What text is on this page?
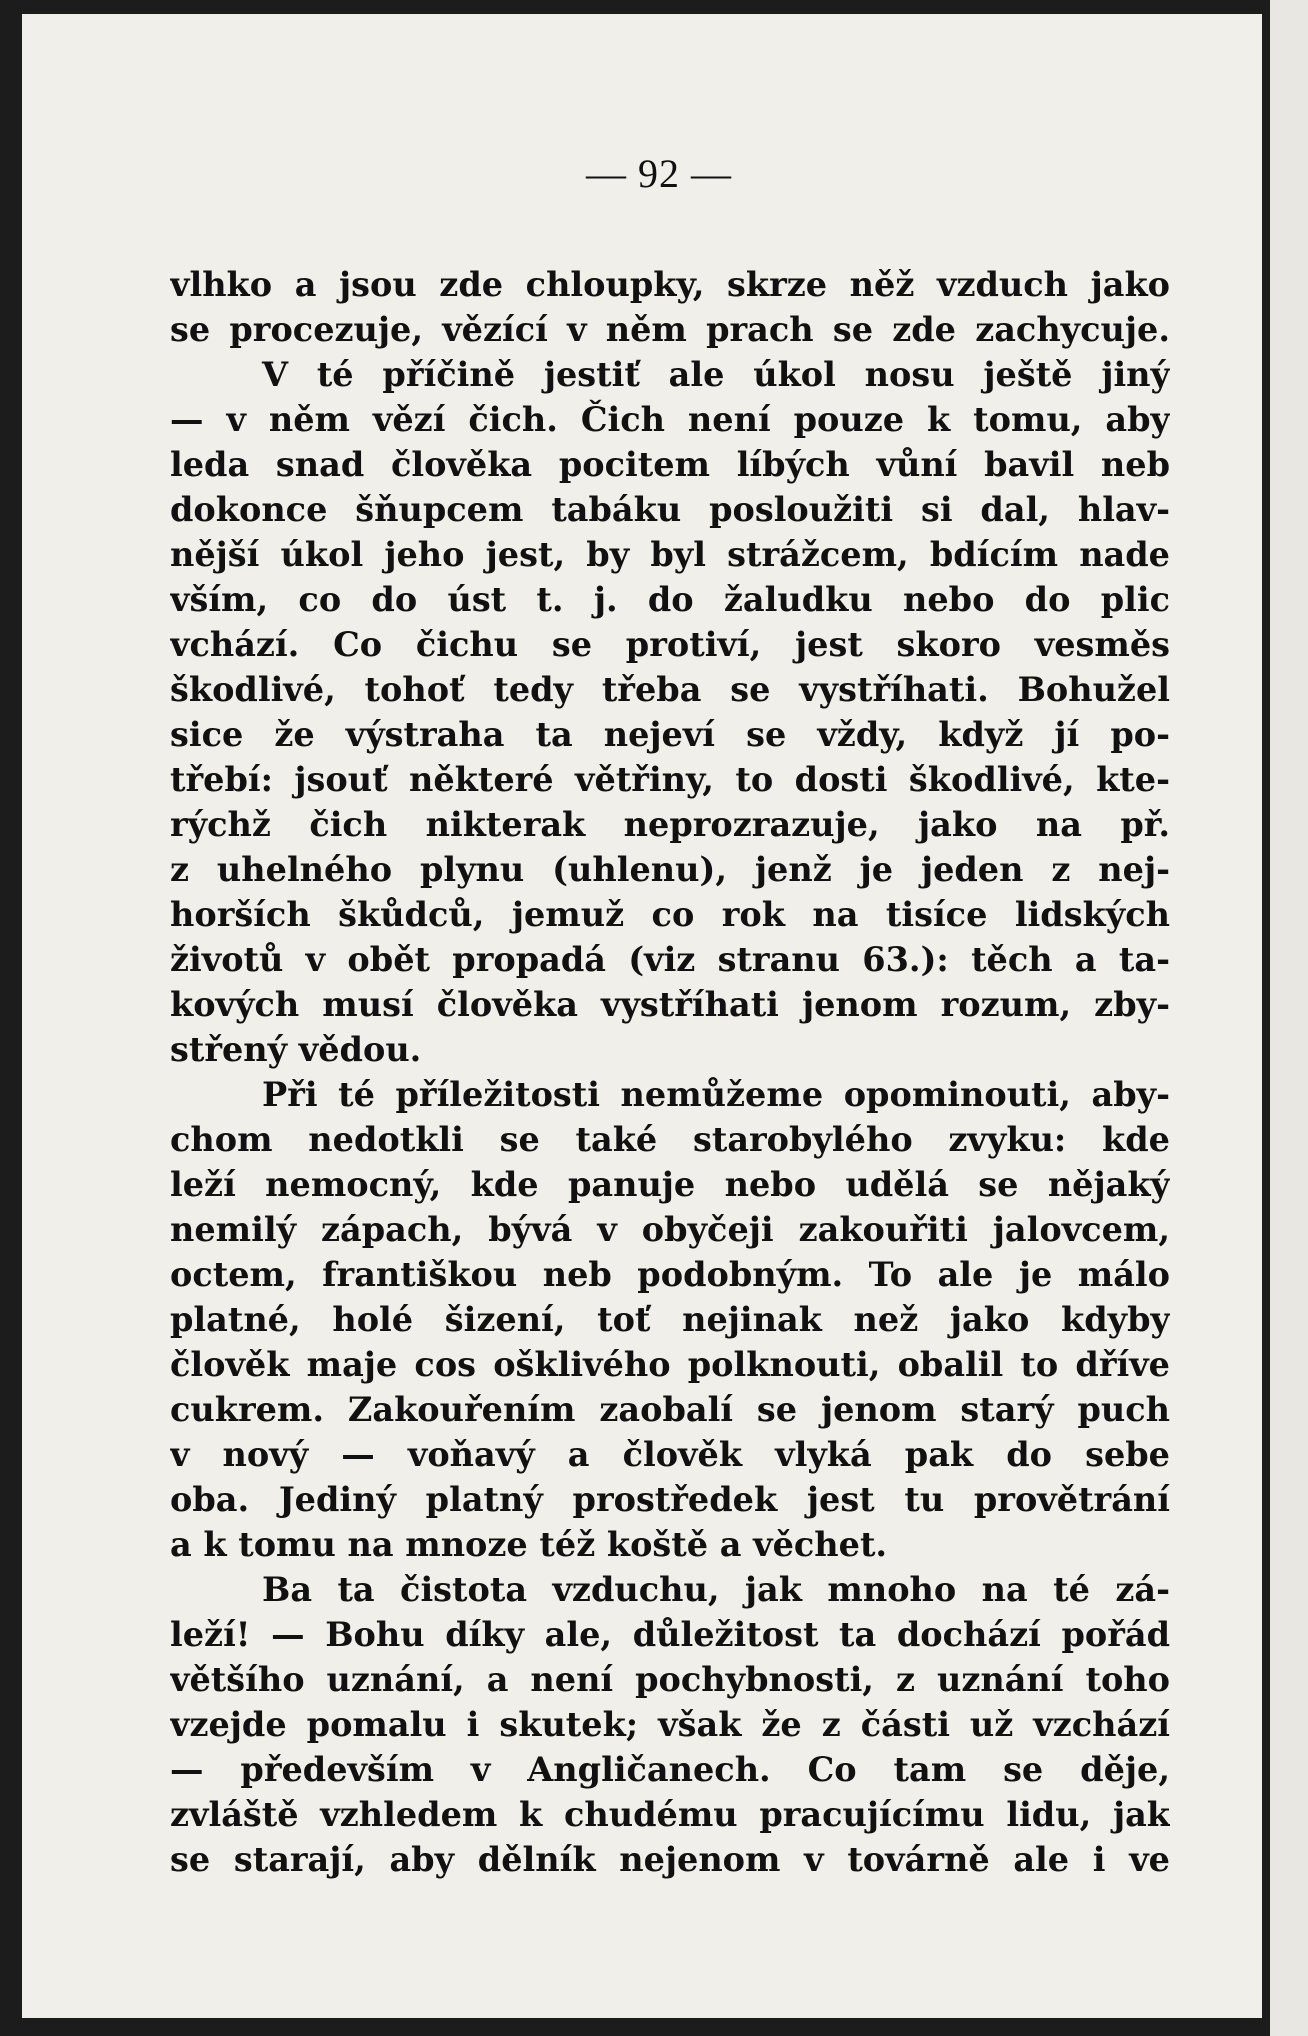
— 92 —
vlhko a jsou zde chloupky, skrze něž vzduch jako
se procezuje, vězící v něm prach se zde zachycuje.
V té příčině jestiť ale úkol nosu ještě jiný
— v něm vězí čich. Čich není pouze k tomu, aby
leda snad člověka pocitem líbých vůní bavil neb
dokonce šňupcem tabáku posloužiti si dal, hlav-
nější úkol jeho jest, by byl strážcem, bdícím nade
vším, co do úst t. j. do žaludku nebo do plic
vchází. Co čichu se protiví, jest skoro vesměs
škodlivé, tohoť tedy třeba se vystříhati. Bohužel
sice že výstraha ta nejeví se vždy, když jí po-
třebí: jsouť některé větřiny, to dosti škodlivé, kte-
rýchž čich nikterak neprozrazuje, jako na př.
z uhelného plynu (uhlenu), jenž je jeden z nej-
horších škůdců, jemuž co rok na tisíce lidských
životů v obět propadá (viz stranu 63.): těch a ta-
kových musí člověka vystříhati jenom rozum, zby-
střený vědou.
Při té příležitosti nemůžeme opominouti, aby-
chom nedotkli se také starobylého zvyku: kde
leží nemocný, kde panuje nebo udělá se nějaký
nemilý zápach, bývá v obyčeji zakouřiti jalovcem,
octem, františkou neb podobným. To ale je málo
platné, holé šizení, toť nejinak než jako kdyby
člověk maje cos ošklivého polknouti, obalil to dříve
cukrem. Zakouřením zaobalí se jenom starý puch
v nový — voňavý a člověk vlyká pak do sebe
oba. Jediný platný prostředek jest tu provětrání
a k tomu na mnoze též koště a věchet.
Ba ta čistota vzduchu, jak mnoho na té zá-
leží! — Bohu díky ale, důležitost ta dochází pořád
většího uznání, a není pochybnosti, z uznání toho
vzejde pomalu i skutek; však že z části už vzchází
— především v Angličanech. Co tam se děje,
zvláště vzhledem k chudému pracujícímu lidu, jak
se starají, aby dělník nejenom v továrně ale i ve
